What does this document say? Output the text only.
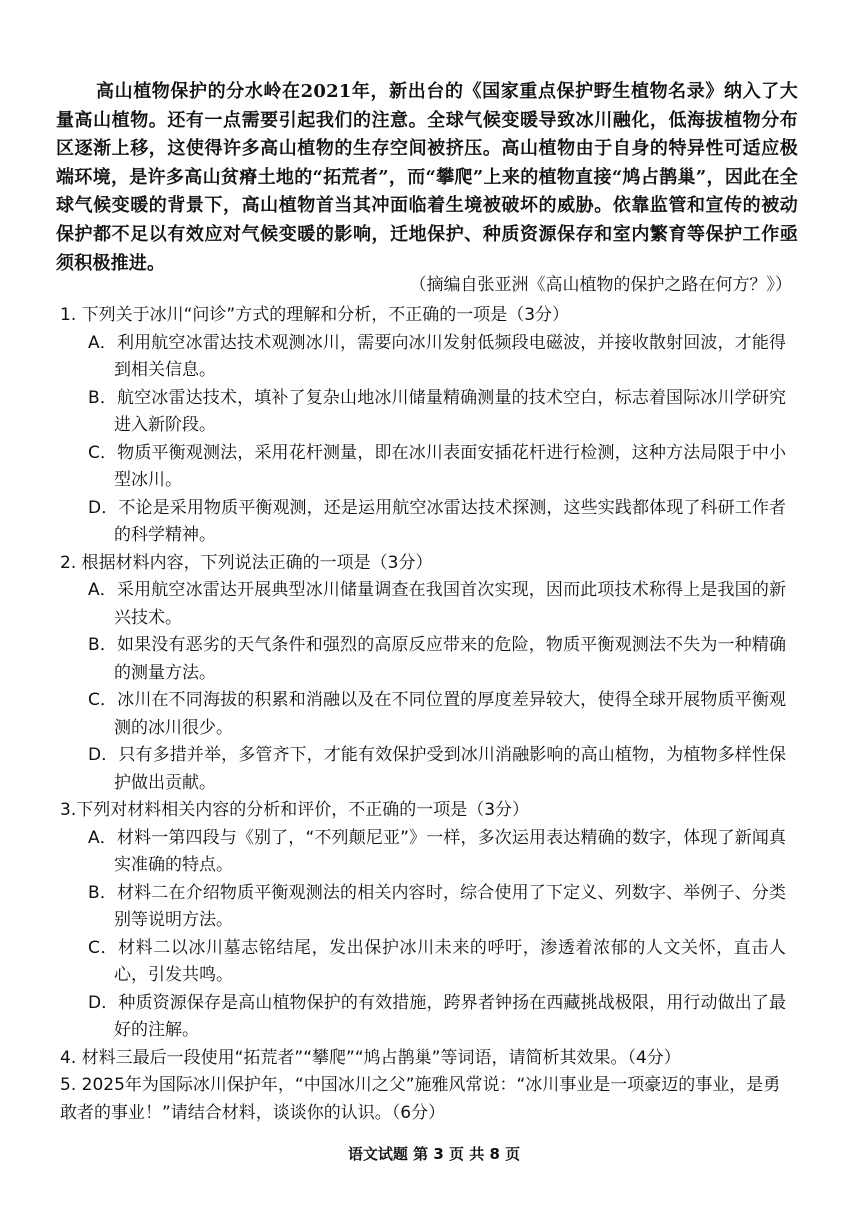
高山植物保护的分水岭在2021年，新出台的《国家重点保护野生植物名录》纳入了大量高山植物。还有一点需要引起我们的注意。全球气候变暖导致冰川融化，低海拔植物分布区逐渐上移，这使得许多高山植物的生存空间被挤压。高山植物由于自身的特异性可适应极端环境，是许多高山贫瘠土地的“拓荒者”，而“攀爬”上来的植物直接“鸠占鹊巢”，因此在全球气候变暖的背景下，高山植物首当其冲面临着生境被破坏的威胁。依靠监管和宣传的被动保护都不足以有效应对气候变暖的影响，迁地保护、种质资源保存和室内繁育等保护工作亟须积极推进。
（摘编自张亚洲《高山植物的保护之路在何方？》）

1. 下列关于冰川“问诊”方式的理解和分析，不正确的一项是（3分）

A．利用航空冰雷达技术观测冰川，需要向冰川发射低频段电磁波，并接收散射回波，才能得到相关信息。

B．航空冰雷达技术，填补了复杂山地冰川储量精确测量的技术空白，标志着国际冰川学研究进入新阶段。

C．物质平衡观测法，采用花杆测量，即在冰川表面安插花杆进行检测，这种方法局限于中小型冰川。

D．不论是采用物质平衡观测，还是运用航空冰雷达技术探测，这些实践都体现了科研工作者的科学精神。

2. 根据材料内容，下列说法正确的一项是（3分）

A．采用航空冰雷达开展典型冰川储量调查在我国首次实现，因而此项技术称得上是我国的新兴技术。

B．如果没有恶劣的天气条件和强烈的高原反应带来的危险，物质平衡观测法不失为一种精确的测量方法。

C．冰川在不同海拔的积累和消融以及在不同位置的厚度差异较大，使得全球开展物质平衡观测的冰川很少。

D．只有多措并举，多管齐下，才能有效保护受到冰川消融影响的高山植物，为植物多样性保护做出贡献。

3.下列对材料相关内容的分析和评价，不正确的一项是（3分）

A．材料一第四段与《别了，“不列颠尼亚”》一样，多次运用表达精确的数字，体现了新闻真实准确的特点。

B．材料二在介绍物质平衡观测法的相关内容时，综合使用了下定义、列数字、举例子、分类别等说明方法。

C．材料二以冰川墓志铭结尾，发出保护冰川未来的呼吁，渗透着浓郁的人文关怀，直击人心，引发共鸣。

D．种质资源保存是高山植物保护的有效措施，跨界者钟扬在西藏挑战极限，用行动做出了最好的注解。

4. 材料三最后一段使用“拓荒者”“攀爬”“鸠占鹊巢”等词语，请简析其效果。（4分）

5. 2025年为国际冰川保护年，“中国冰川之父”施雅风常说：“冰川事业是一项豪迈的事业，是勇敢者的事业！”请结合材料，谈谈你的认识。（6分）

语文试题 第 3 页 共 8 页
